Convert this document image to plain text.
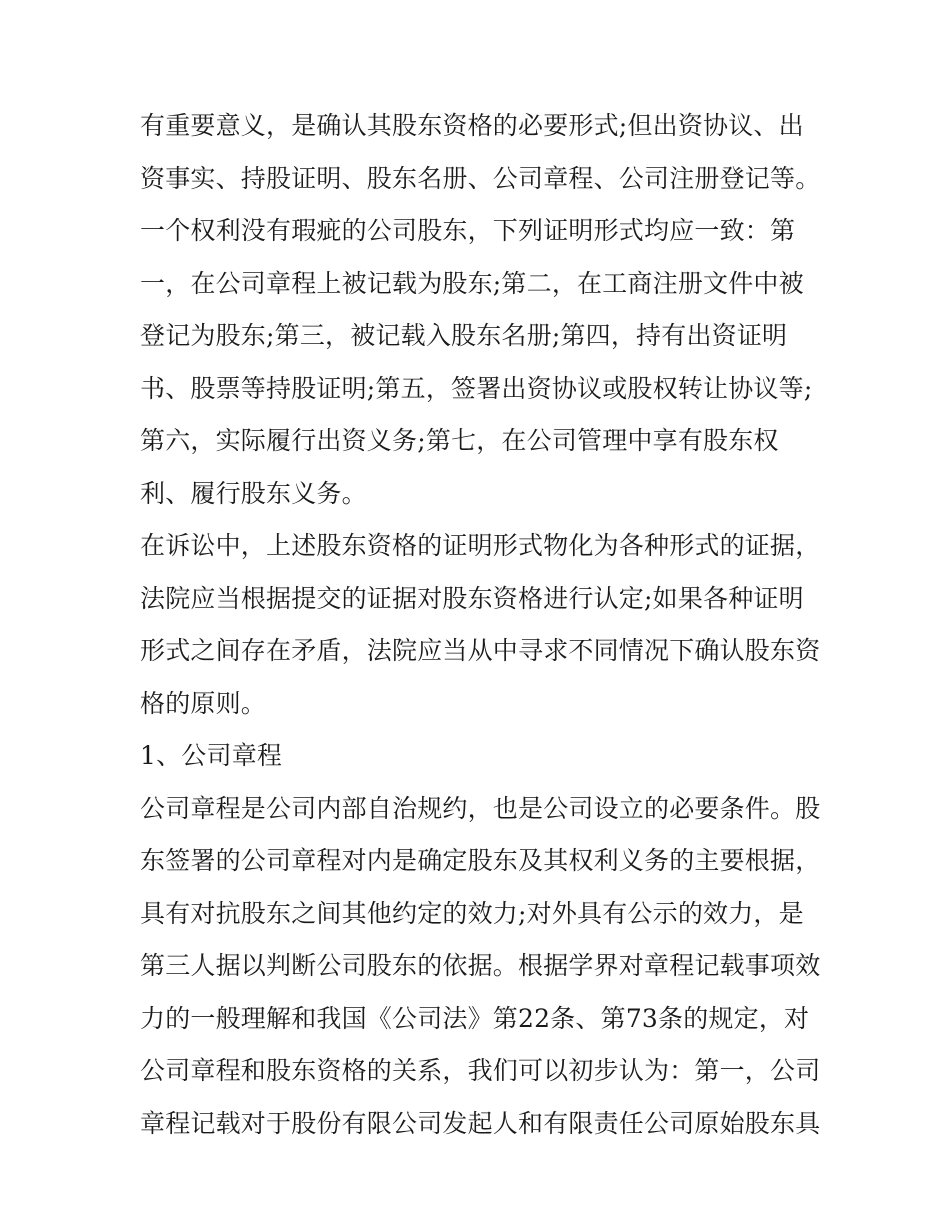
有重要意义，是确认其股东资格的必要形式;但出资协议、出
资事实、持股证明、股东名册、公司章程、公司注册登记等。
一个权利没有瑕疵的公司股东，下列证明形式均应一致：第
一，在公司章程上被记载为股东;第二，在工商注册文件中被
登记为股东;第三，被记载入股东名册;第四，持有出资证明
书、股票等持股证明;第五，签署出资协议或股权转让协议等;
第六，实际履行出资义务;第七，在公司管理中享有股东权
利、履行股东义务。
在诉讼中，上述股东资格的证明形式物化为各种形式的证据，
法院应当根据提交的证据对股东资格进行认定;如果各种证明
形式之间存在矛盾，法院应当从中寻求不同情况下确认股东资
格的原则。
1、公司章程
公司章程是公司内部自治规约，也是公司设立的必要条件。股
东签署的公司章程对内是确定股东及其权利义务的主要根据，
具有对抗股东之间其他约定的效力;对外具有公示的效力，是
第三人据以判断公司股东的依据。根据学界对章程记载事项效
力的一般理解和我国《公司法》第22条、第73条的规定，对
公司章程和股东资格的关系，我们可以初步认为：第一，公司
章程记载对于股份有限公司发起人和有限责任公司原始股东具
